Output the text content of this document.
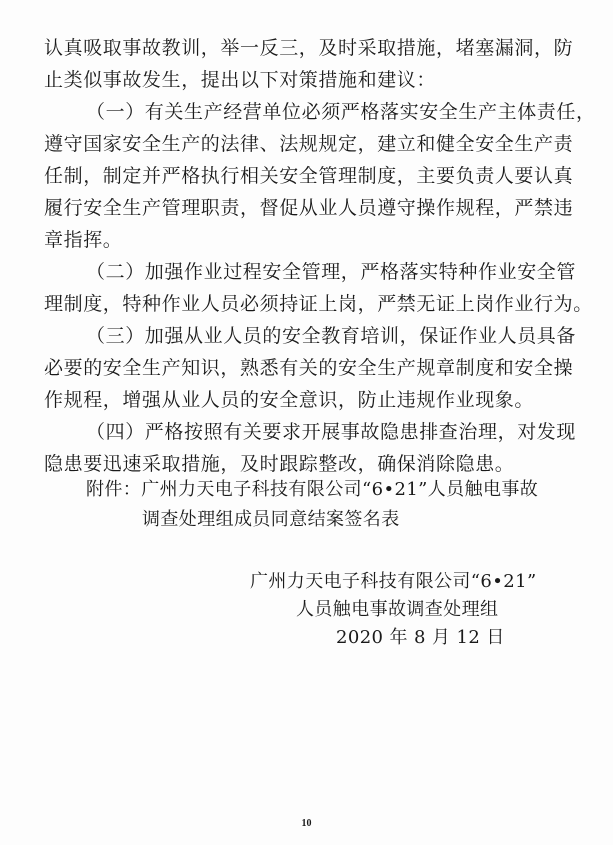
认真吸取事故教训，举一反三，及时采取措施，堵塞漏洞，防
止类似事故发生，提出以下对策措施和建议：
（一）有关生产经营单位必须严格落实安全生产主体责任，
遵守国家安全生产的法律、法规规定，建立和健全安全生产责
任制，制定并严格执行相关安全管理制度，主要负责人要认真
履行安全生产管理职责，督促从业人员遵守操作规程，严禁违
章指挥。
（二）加强作业过程安全管理，严格落实特种作业安全管
理制度，特种作业人员必须持证上岗，严禁无证上岗作业行为。
（三）加强从业人员的安全教育培训，保证作业人员具备
必要的安全生产知识，熟悉有关的安全生产规章制度和安全操
作规程，增强从业人员的安全意识，防止违规作业现象。
（四）严格按照有关要求开展事故隐患排查治理，对发现
隐患要迅速采取措施，及时跟踪整改，确保消除隐患。
附件：广州力天电子科技有限公司“6•21”人员触电事故
调查处理组成员同意结案签名表
广州力天电子科技有限公司“6•21”
人员触电事故调查处理组
2020 年 8 月 12 日
10
